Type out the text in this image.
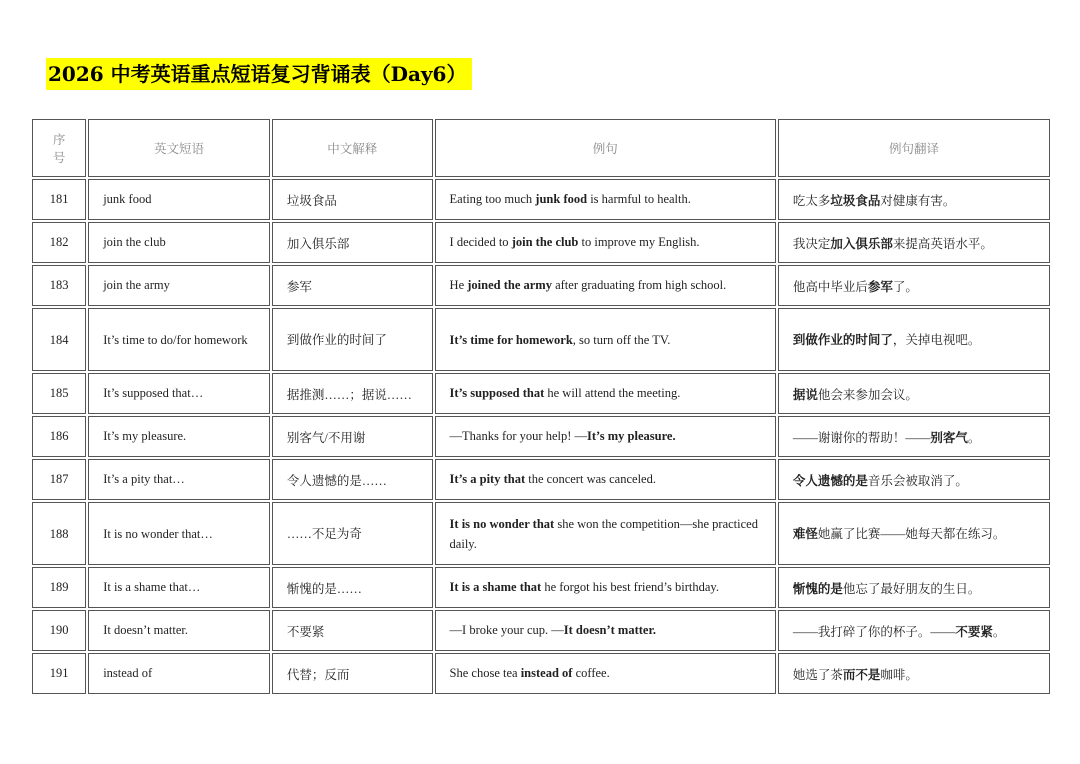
2026 中考英语重点短语复习背诵表（Day6）
序
号	英文短语	中文解释	例句	例句翻译
181	junk food	垃圾食品	Eating too much junk food is harmful to health.	吃太多垃圾食品对健康有害。
182	join the club	加入俱乐部	I decided to join the club to improve my English.	我决定加入俱乐部来提高英语水平。
183	join the army	参军	He joined the army after graduating from high school.	他高中毕业后参军了。
184	It’s time to do/for homework	到做作业的时间了	It’s time for homework, so turn off the TV.	到做作业的时间了，关掉电视吧。
185	It’s supposed that…	据推测……；据说……	It’s supposed that he will attend the meeting.	据说他会来参加会议。
186	It’s my pleasure.	别客气/不用谢	—Thanks for your help! —It’s my pleasure.	——谢谢你的帮助！——别客气。
187	It’s a pity that…	令人遗憾的是……	It’s a pity that the concert was canceled.	令人遗憾的是音乐会被取消了。
188	It is no wonder that…	……不足为奇	It is no wonder that she won the competition—she practiced daily.	难怪她赢了比赛——她每天都在练习。
189	It is a shame that…	惭愧的是……	It is a shame that he forgot his best friend’s birthday.	惭愧的是他忘了最好朋友的生日。
190	It doesn’t matter.	不要紧	—I broke your cup. —It doesn’t matter.	——我打碎了你的杯子。——不要紧。
191	instead of	代替；反而	She chose tea instead of coffee.	她选了茶而不是咖啡。
